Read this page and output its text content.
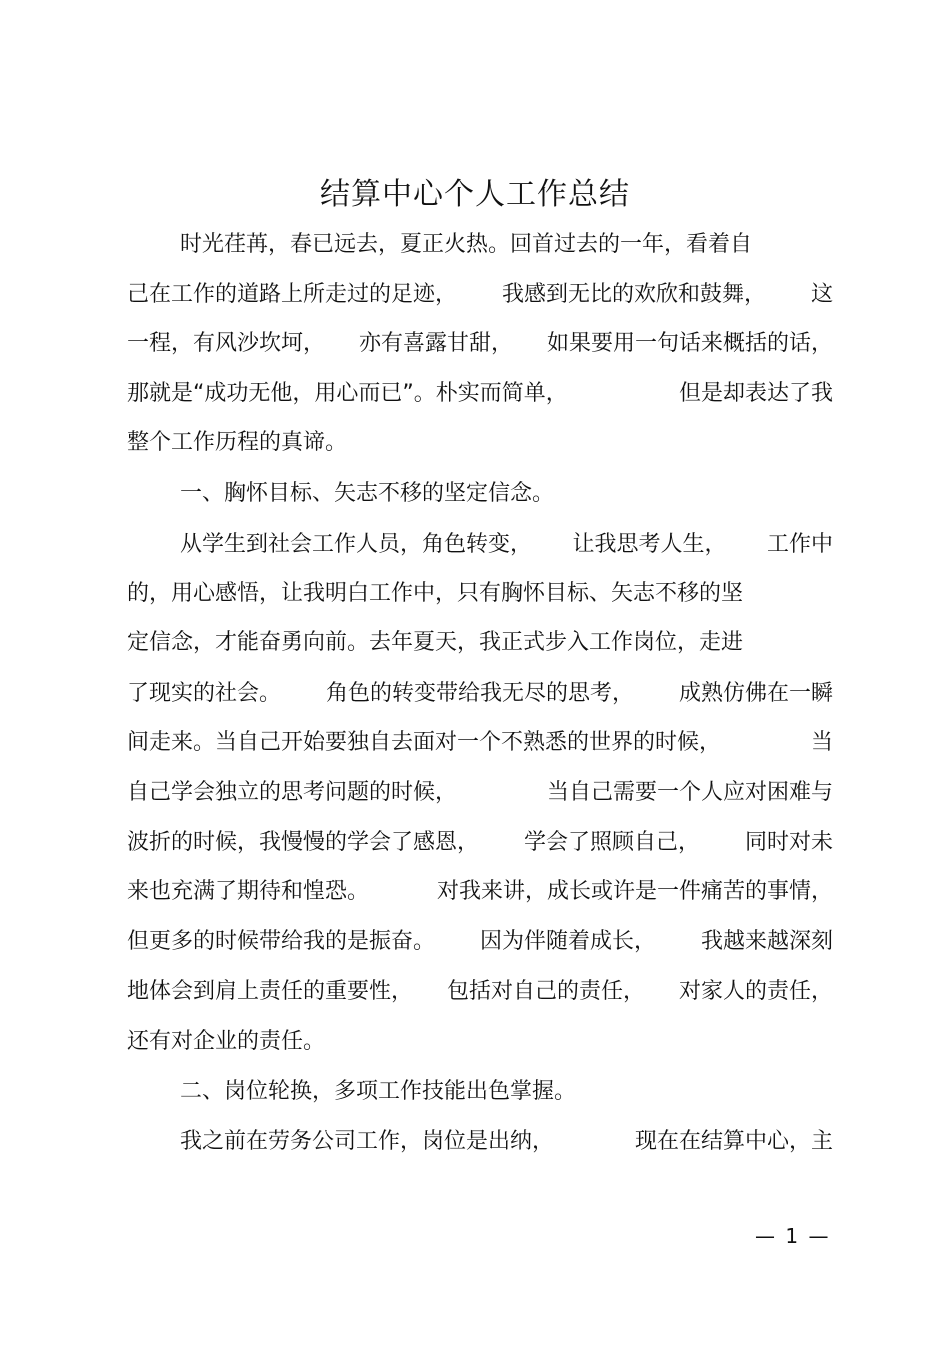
结算中心个人工作总结
时光荏苒，春已远去，夏正火热。回首过去的一年，看着自
己在工作的道路上所走过的足迹， 我感到无比的欢欣和鼓舞， 这
一程，有风沙坎坷， 亦有喜露甘甜， 如果要用一句话来概括的话，
那就是“成功无他，用心而已”。朴实而简单，	但是却表达了我
整个工作历程的真谛。
一、胸怀目标、矢志不移的坚定信念。
从学生到社会工作人员，角色转变， 让我思考人生， 工作中
的，用心感悟，让我明白工作中，只有胸怀目标、矢志不移的坚
定信念，才能奋勇向前。去年夏天，我正式步入工作岗位，走进
了现实的社会。 角色的转变带给我无尽的思考， 成熟仿佛在一瞬
间走来。当自己开始要独自去面对一个不熟悉的世界的时候，	当
自己学会独立的思考问题的时候，	当自己需要一个人应对困难与
波折的时候，我慢慢的学会了感恩， 学会了照顾自己， 同时对未
来也充满了期待和惶恐。	对我来讲，成长或许是一件痛苦的事情，
但更多的时候带给我的是振奋。 因为伴随着成长， 我越来越深刻
地体会到肩上责任的重要性， 包括对自己的责任， 对家人的责任，
还有对企业的责任。
二、岗位轮换，多项工作技能出色掌握。
我之前在劳务公司工作，岗位是出纳，	现在在结算中心，主
— 1 —
